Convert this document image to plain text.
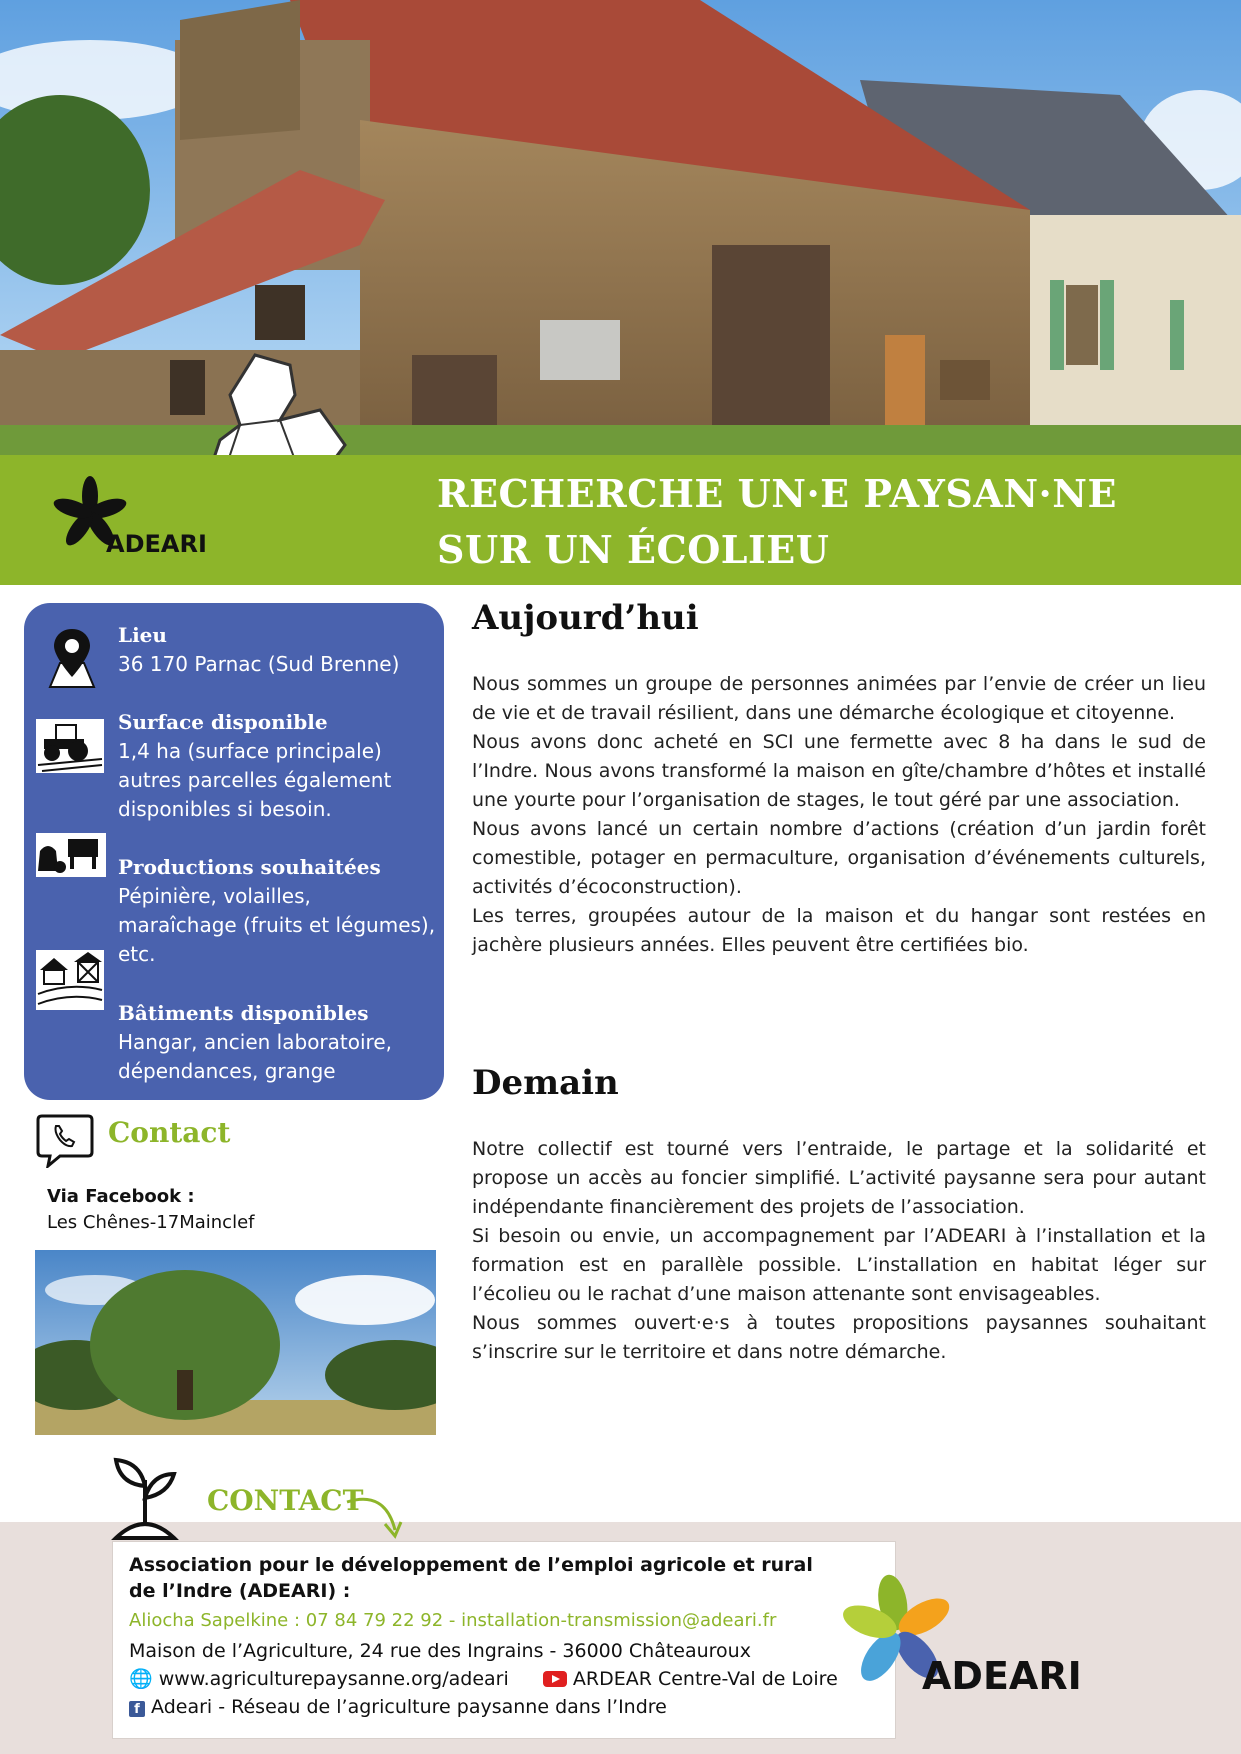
ADEARI
RECHERCHE UN·E PAYSAN·NE
SUR UN ÉCOLIEU
Lieu
36 170 Parnac (Sud Brenne)
Surface disponible
1,4 ha (surface principale)
autres parcelles également
disponibles si besoin.
Productions souhaitées
Pépinière, volailles,
maraîchage (fruits et légumes),
etc.
Bâtiments disponibles
Hangar, ancien laboratoire,
dépendances, grange
Contact
Via Facebook :
Les Chênes-17Mainclef
Aujourd’hui

Nous sommes un groupe de personnes animées par l’envie de créer un lieu de vie et de travail résilient, dans une démarche écologique et citoyenne.

Nous avons donc acheté en SCI une fermette avec 8 ha dans le sud de l’Indre. Nous avons transformé la maison en gîte/chambre d’hôtes et installé une yourte pour l’organisation de stages, le tout géré par une association.

Nous avons lancé un certain nombre d’actions (création d’un jardin forêt comestible, potager en permaculture, organisation d’événements culturels, activités d’écoconstruction).

Les terres, groupées autour de la maison et du hangar sont restées en jachère plusieurs années. Elles peuvent être certifiées bio.

Demain

Notre collectif est tourné vers l’entraide, le partage et la solidarité et propose un accès au foncier simplifié. L’activité paysanne sera pour autant indépendante financièrement des projets de l’association.

Si besoin ou envie, un accompagnement par l’ADEARI à l’installation et la formation est en parallèle possible. L’installation en habitat léger sur l’écolieu ou le rachat d’une maison attenante sont envisageables.

Nous sommes ouvert·e·s à toutes propositions paysannes souhaitant s’inscrire sur le territoire et dans notre démarche.

CONTACT
Association pour le développement de l’emploi agricole et rural
de l’Indre (ADEARI) :
Aliocha Sapelkine : 07 84 79 22 92 - installation-transmission@adeari.fr
Maison de l’Agriculture, 24 rue des Ingrains - 36000 Châteauroux
🌐 www.agriculturepaysanne.org/adeari	ARDEAR Centre-Val de Loire
f Adeari - Réseau de l’agriculture paysanne dans l’Indre
ADEARI
